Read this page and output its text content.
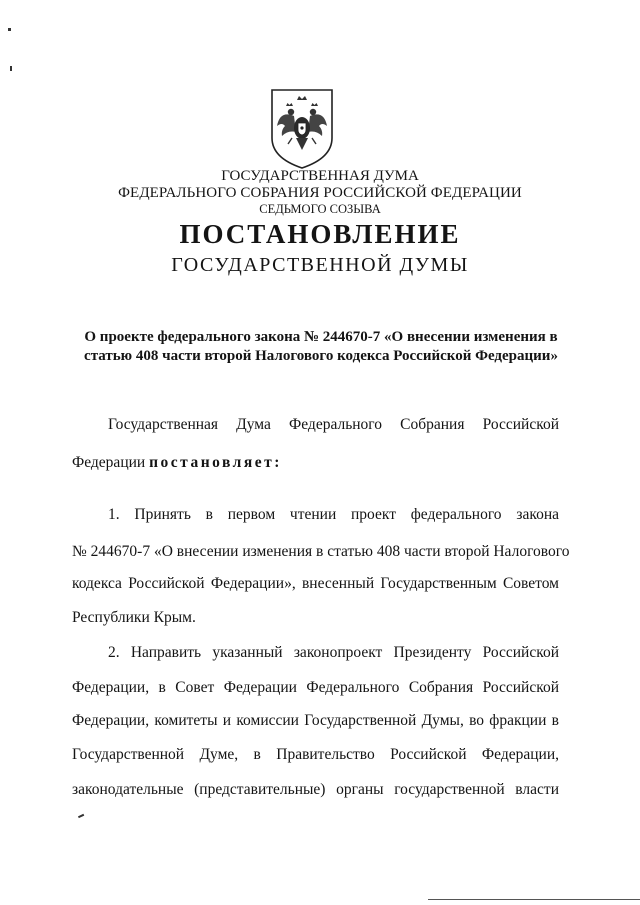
ГОСУДАРСТВЕННАЯ ДУМА
ФЕДЕРАЛЬНОГО СОБРАНИЯ РОССИЙСКОЙ ФЕДЕРАЦИИ
СЕДЬМОГО СОЗЫВА
ПОСТАНОВЛЕНИЕ
ГОСУДАРСТВЕННОЙ ДУМЫ
О проекте федерального закона № 244670-7 «О внесении изменения в
статью 408 части второй Налогового кодекса Российской Федерации»
Государственная Дума Федерального Собрания Российской
Федерации постановляет:
1. Принять в первом чтении проект федерального закона
№ 244670-7 «О внесении изменения в статью 408 части второй Налогового
кодекса Российской Федерации», внесенный Государственным Советом
Республики Крым.
2. Направить указанный законопроект Президенту Российской
Федерации, в Совет Федерации Федерального Собрания Российской
Федерации, комитеты и комиссии Государственной Думы, во фракции в
Государственной Думе, в Правительство Российской Федерации,
законодательные (представительные) органы государственной власти
